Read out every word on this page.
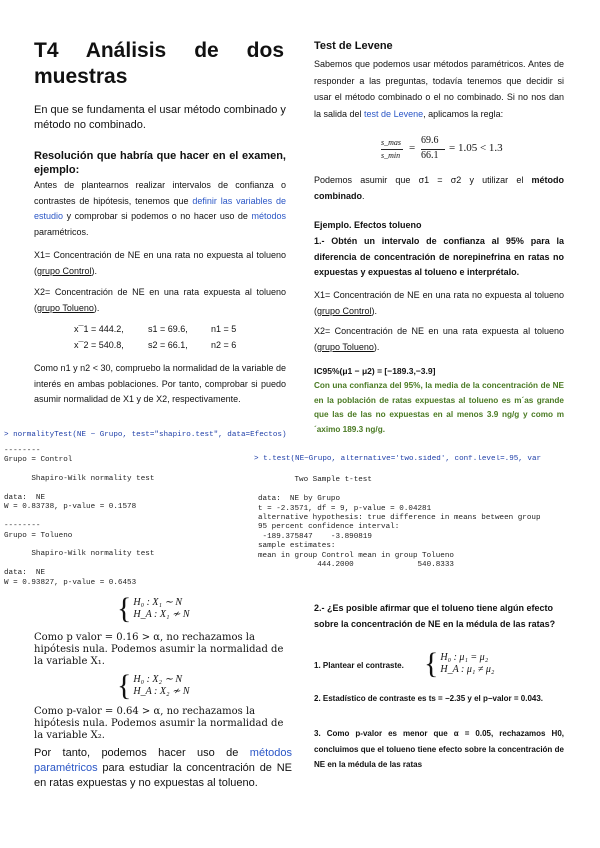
T4 Análisis de dos muestras
En que se fundamenta el usar método combinado y método no combinado.
Resolución que habría que hacer en el examen, ejemplo:
Antes de plantearnos realizar intervalos de confianza o contrastes de hipótesis, tenemos que definir las variables de estudio y comprobar si podemos o no hacer uso de métodos paramétricos.
X1= Concentración de NE en una rata no expuesta al tolueno (grupo Control).
X2= Concentración de NE en una rata expuesta al tolueno (grupo Tolueno).
x¯1 = 444.2,	s1 = 69.6,	n1 = 5
x¯2 = 540.8,	s2 = 66.1,	n2 = 6
Como n1 y n2 < 30, compruebo la normalidad de la variable de interés en ambas poblaciones. Por tanto, comprobar si puedo asumir normalidad de X1 y de X2, respectivamente.
> normalityTest(NE ~ Grupo, test="shapiro.test", data=Efectos)
--------
Grupo = Control

Shapiro-Wilk normality test

data:  NE
W = 0.83738, p-value = 0.1578

--------
Grupo = Tolueno

Shapiro-Wilk normality test

data:  NE
W = 0.93827, p-value = 0.6453
{ H₀ : X₁ ∼ N
H_A : X₁ ≁ N
Como p valor = 0.16 > α, no rechazamos la hipótesis nula. Podemos asumir la normalidad de la variable X₁.
{ H₀ : X₂ ∼ N
H_A : X₂ ≁ N
Como p-valor = 0.64 > α, no rechazamos la hipótesis nula. Podemos asumir la normalidad de la variable X₂.
Por tanto, podemos hacer uso de métodos paramétricos para estudiar la concentración de NE en ratas expuestas y no expuestas al tolueno.
Test de Levene
Sabemos que podemos usar métodos paramétricos. Antes de responder a las preguntas, todavía tenemos que decidir si usar el método combinado o el no combinado. Si no nos dan la salida del test de Levene, aplicamos la regla:
s_mas
s_min
=
69.6
66.1
= 1.05 < 1.3
Podemos asumir que σ1 = σ2 y utilizar el método combinado.
Ejemplo. Efectos tolueno
1.- Obtén un intervalo de confianza al 95% para la diferencia de concentración de norepinefrina en ratas no expuestas y expuestas al tolueno e interprétalo.
X1= Concentración de NE en una rata no expuesta al tolueno (grupo Control).
X2= Concentración de NE en una rata expuesta al tolueno (grupo Tolueno).
IC95%(μ1 − μ2) = [−189.3,−3.9]
Con una confianza del 95%, la media de la concentración de NE en la población de ratas expuestas al tolueno es m´as grande que las de las no expuestas en al menos 3.9 ng/g y como m´aximo 189.3 ng/g.
> t.test(NE~Grupo, alternative='two.sided', conf.level=.95, var

Two Sample t-test

data:  NE by Grupo
t = -2.3571, df = 9, p-value = 0.04281
alternative hypothesis: true difference in means between group
95 percent confidence interval:
-189.375847    -3.890819
sample estimates:
mean in group Control mean in group Tolueno
444.2000              540.8333
2.- ¿Es posible afirmar que el tolueno tiene algún efecto sobre la concentración de NE en la médula de las ratas?
1. Plantear el contraste. { H₀ : μ₁ = μ₂
H_A : μ₁ ≠ μ₂
2. Estadístico de contraste es ts = −2.35 y el p−valor = 0.043.
3. Como p-valor es menor que α = 0.05, rechazamos H0, concluimos que el tolueno tiene efecto sobre la concentración de NE en la médula de las ratas
